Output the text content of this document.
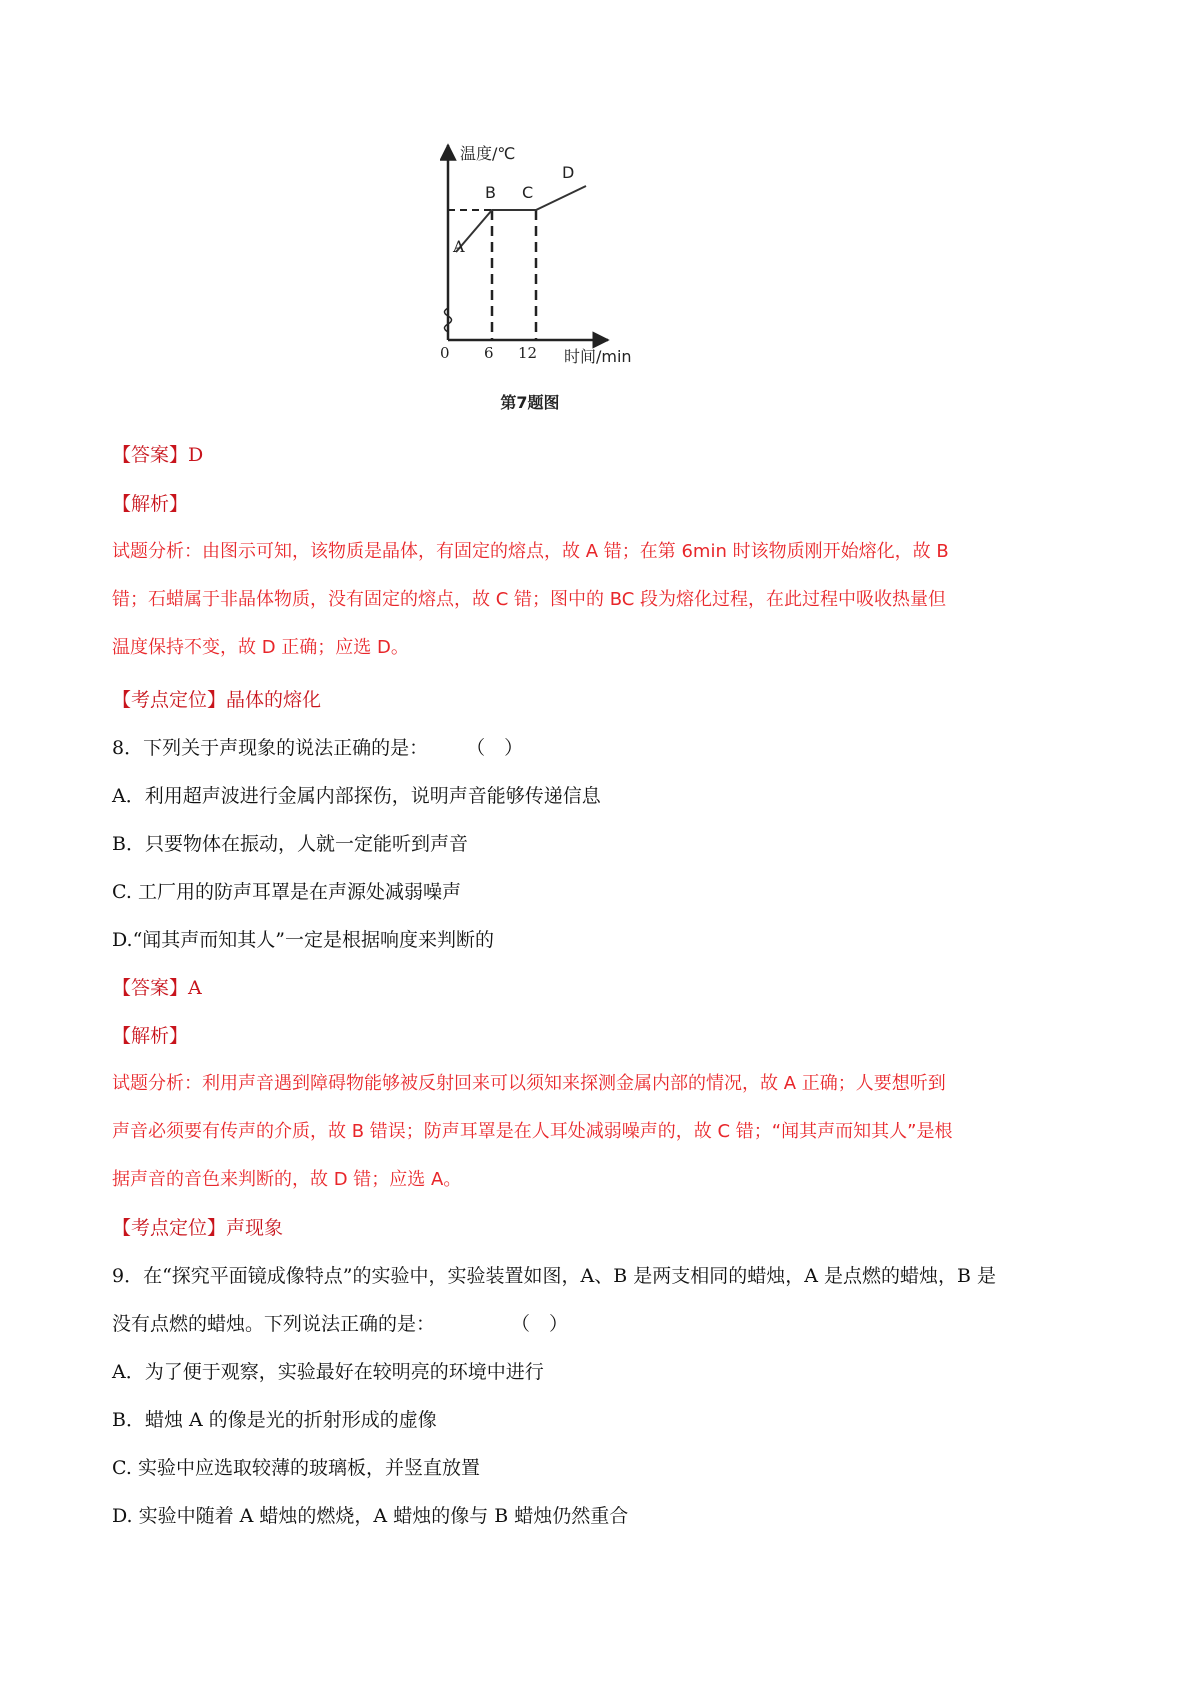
温度/℃
A
B C
D
0 6 12 时间/min
第7题图

【答案】D

【解析】

试题分析：由图示可知，该物质是晶体，有固定的熔点，故 A 错；在第 6min 时该物质刚开始熔化，故 B

错；石蜡属于非晶体物质，没有固定的熔点，故 C 错；图中的 BC 段为熔化过程，在此过程中吸收热量但

温度保持不变，故 D 正确；应选 D。

【考点定位】晶体的熔化

8．下列关于声现象的说法正确的是：　　　（　）

A．利用超声波进行金属内部探伤，说明声音能够传递信息

B．只要物体在振动，人就一定能听到声音

C. 工厂用的防声耳罩是在声源处减弱噪声

D.“闻其声而知其人”一定是根据响度来判断的

【答案】A

【解析】

试题分析：利用声音遇到障碍物能够被反射回来可以须知来探测金属内部的情况，故 A 正确；人要想听到

声音必须要有传声的介质，故 B 错误；防声耳罩是在人耳处减弱噪声的，故 C 错；“闻其声而知其人”是根

据声音的音色来判断的，故 D 错；应选 A。

【考点定位】声现象

9．在“探究平面镜成像特点”的实验中，实验装置如图，A、B 是两支相同的蜡烛，A 是点燃的蜡烛，B 是

没有点燃的蜡烛。下列说法正确的是：　　　　　（　）

A．为了便于观察，实验最好在较明亮的环境中进行

B．蜡烛 A 的像是光的折射形成的虚像

C. 实验中应选取较薄的玻璃板，并竖直放置

D. 实验中随着 A 蜡烛的燃烧，A 蜡烛的像与 B 蜡烛仍然重合
